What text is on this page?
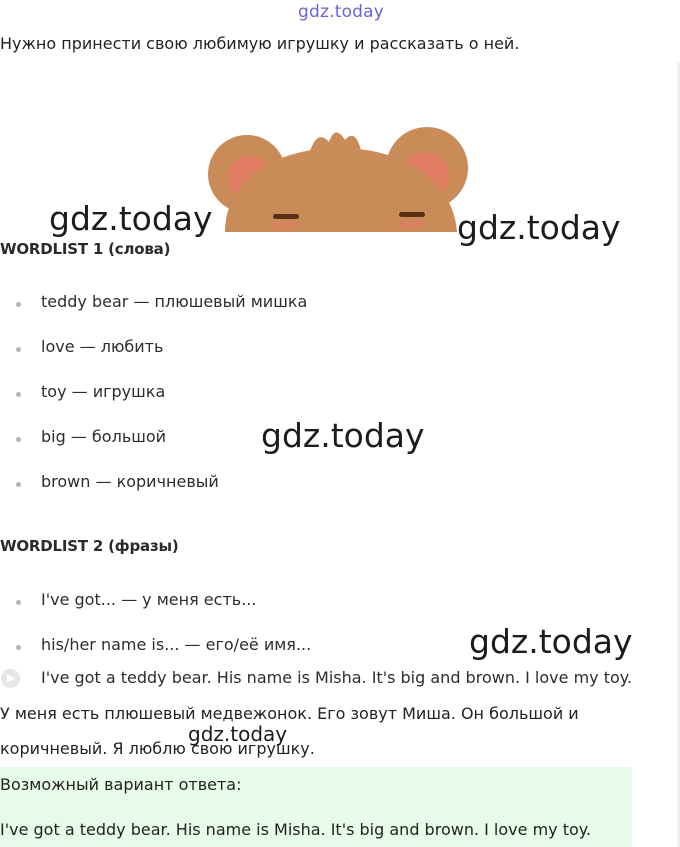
gdz.today
Нужно принести свою любимую игрушку и рассказать о ней.
gdz.today	gdz.today
WORDLIST 1 (слова)
teddy bear — плюшевый мишка
love — любить
toy — игрушка
big — большой
brown — коричневый
gdz.today
WORDLIST 2 (фразы)
I've got... — у меня есть...
his/her name is... — его/её имя...	gdz.today
I've got a teddy bear. His name is Misha. It's big and brown. I love my toy.
У меня есть плюшевый медвежонок. Его зовут Миша. Он большой и
коричневый. Я люблю свою игрушку.
gdz.today
Возможный вариант ответа:
I've got a teddy bear. His name is Misha. It's big and brown. I love my toy.
